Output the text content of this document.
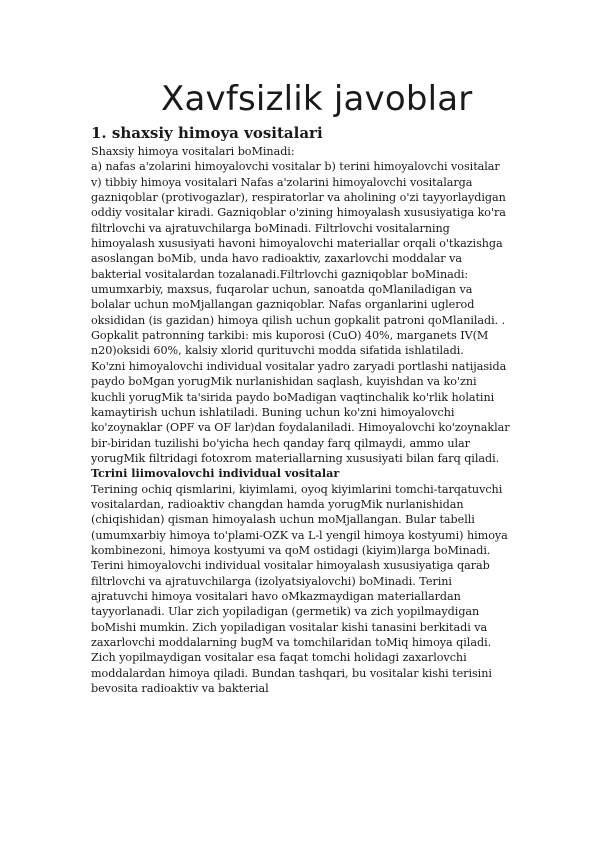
Xavfsizlik javoblar
1. shaxsiy himoya vositalari

Shaxsiy himoya vositalari boMinadi:

a) nafas a'zolarini himoyalovchi vositalar b) terini himoyalovchi vositalar v) tibbiy himoya vositalari Nafas a'zolarini himoyalovchi vositalarga gazniqoblar (protivogazlar), respiratorlar va aholining o'zi tayyorlaydigan oddiy vositalar kiradi. Gazniqoblar o'zining himoyalash xususiyatiga ko'ra filtrlovchi va ajratuvchilarga boMinadi. Filtrlovchi vositalarning himoyalash xususiyati havoni himoyalovchi materiallar orqali o'tkazishga asoslangan boMib, unda havo radioaktiv, zaxarlovchi moddalar va bakterial vositalardan tozalanadi.Filtrlovchi gazniqoblar boMinadi: umumxarbiy, maxsus, fuqarolar uchun, sanoatda qoMlaniladigan va bolalar uchun moMjallangan gazniqoblar. Nafas organlarini uglerod oksididan (is gazidan) himoya qilish uchun gopkalit patroni qoMlaniladi. . Gopkalit patronning tarkibi: mis kuporosi (CuO) 40%, marganets IV(M n20)oksidi 60%, kalsiy xlorid qurituvchi modda sifatida ishlatiladi.

Ko'zni himoyalovchi individual vositalar yadro zaryadi portlashi natijasida paydo boMgan yorugMik nurlanishidan saqlash, kuyishdan va ko'zni kuchli yorugMik ta'sirida paydo boMadigan vaqtinchalik ko'rlik holatini kamaytirish uchun ishlatiladi. Buning uchun ko'zni himoyalovchi ko'zoynaklar (OPF va OF lar)dan foydalaniladi. Himoyalovchi ko'zoynaklar bir-biridan tuzilishi bo'yicha hech qanday farq qilmaydi, ammo ular yorugMik filtridagi fotoxrom materiallarning xususiyati bilan farq qiladi.

Tcrini liimovalovchi individual vositalar

Terining ochiq qismlarini, kiyimlami, oyoq kiyimlarini tomchi-tarqatuvchi vositalardan, radioaktiv changdan hamda yorugMik nurlanishidan (chiqishidan) qisman himoyalash uchun moMjallangan. Bular tabelli (umumxarbiy himoya to'plami-OZK va L-l yengil himoya kostyumi) himoya kombinezoni, himoya kostyumi va qoM ostidagi (kiyim)larga boMinadi. Terini himoyalovchi individual vositalar himoyalash xususiyatiga qarab filtrlovchi va ajratuvchilarga (izolyatsiyalovchi) boMinadi. Terini ajratuvchi himoya vositalari havo oMkazmaydigan materiallardan tayyorlanadi. Ular zich yopiladigan (germetik) va zich yopilmaydigan boMishi mumkin. Zich yopiladigan vositalar kishi tanasini berkitadi va zaxarlovchi moddalarning bugM va tomchilaridan toMiq himoya qiladi. Zich yopilmaydigan vositalar esa faqat tomchi holidagi zaxarlovchi moddalardan himoya qiladi. Bundan tashqari, bu vositalar kishi terisini bevosita radioaktiv va bakterial
